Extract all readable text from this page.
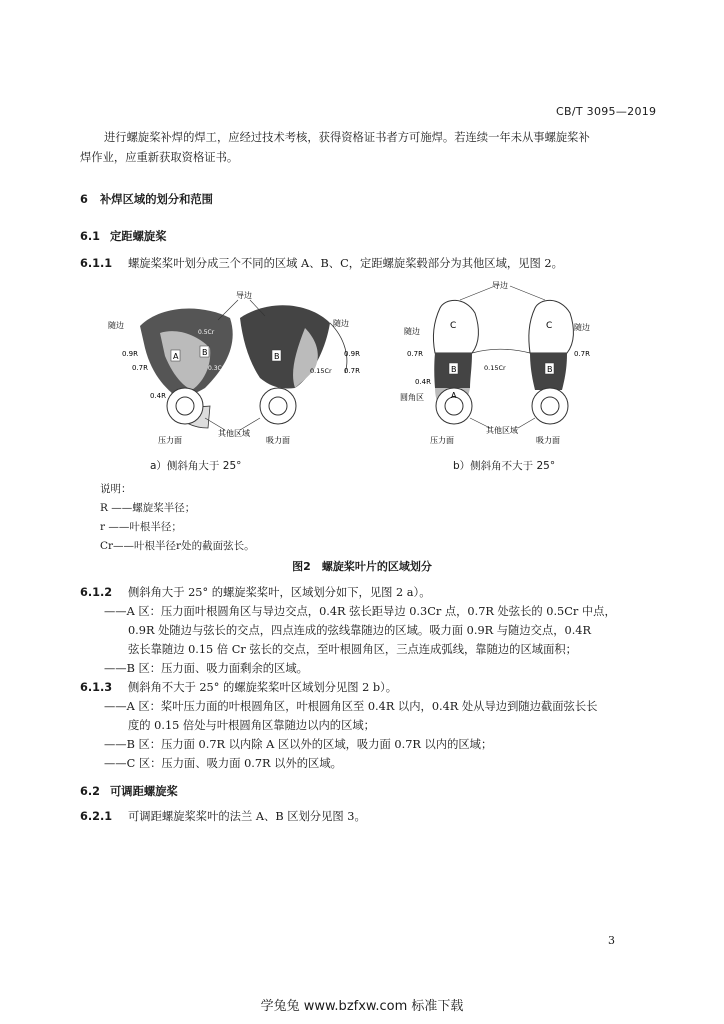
CB/T 3095—2019
进行螺旋桨补焊的焊工，应经过技术考核，获得资格证书者方可施焊。若连续一年未从事螺旋桨补
焊作业，应重新获取资格证书。
6 补焊区域的划分和范围
6.1 定距螺旋桨
6.1.1 螺旋桨桨叶划分成三个不同的区域 A、B、C，定距螺旋桨毂部分为其他区域，见图 2。
导边
随边	随边
0.9R
0.7R
0.4R
0.9R
0.7R
0.15Cr
0.5Cr
0.3Cr
A	B	B
压力面
其他区域
吸力面
导边
随边	随边
0.7R
0.4R
0.7R
0.15Cr
圆角区
C	C
B	B
A
压力面
其他区域
吸力面
a）侧斜角大于 25°	b）侧斜角不大于 25°
说明：
R ——螺旋桨半径；
r ——叶根半径；
Cr——叶根半径r处的截面弦长。
图2　螺旋桨叶片的区域划分
6.1.2 侧斜角大于 25° 的螺旋桨桨叶，区域划分如下，见图 2 a）。
——A 区：压力面叶根圆角区与导边交点，0.4R 弦长距导边 0.3Cr 点，0.7R 处弦长的 0.5Cr 中点，
0.9R 处随边与弦长的交点，四点连成的弦线靠随边的区域。吸力面 0.9R 与随边交点，0.4R
弦长靠随边 0.15 倍 Cr 弦长的交点，至叶根圆角区，三点连成弧线，靠随边的区域面积；
——B 区：压力面、吸力面剩余的区域。
6.1.3 侧斜角不大于 25° 的螺旋桨桨叶区域划分见图 2 b）。
——A 区：桨叶压力面的叶根圆角区，叶根圆角区至 0.4R 以内，0.4R 处从导边到随边截面弦长长
度的 0.15 倍处与叶根圆角区靠随边以内的区域；
——B 区：压力面 0.7R 以内除 A 区以外的区域，吸力面 0.7R 以内的区域；
——C 区：压力面、吸力面 0.7R 以外的区域。
6.2 可调距螺旋桨
6.2.1 可调距螺旋桨桨叶的法兰 A、B 区划分见图 3。
3
学兔兔 www.bzfxw.com 标准下载
